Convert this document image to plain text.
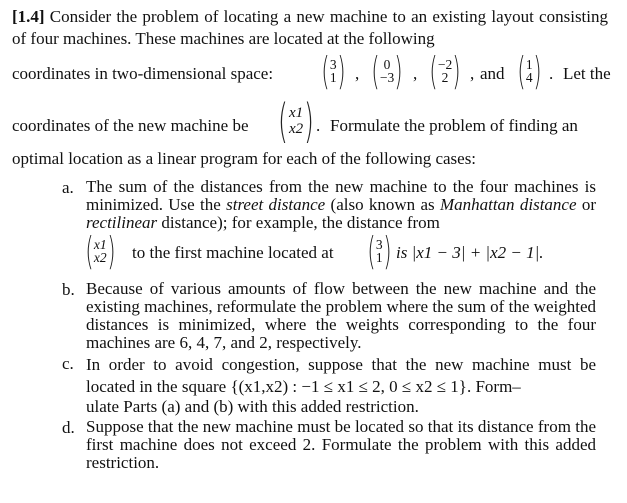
[1.4] Consider the problem of locating a new machine to an existing layout consisting of four machines. These machines are located at the following

coordinates in two-dimensional space: ( 3
1 ) , ( 0
−3 ) , ( −2
2 ) , and ( 1
4 ) . Let the
coordinates of the new machine be ( x1
x2 ) . Formulate the problem of finding an

optimal location as a linear program for each of the following cases:

a. The sum of the distances from the new machine to the four machines is minimized. Use the street distance (also known as Manhattan distance or rectilinear distance); for example, the distance from
( x1
x2 ) to the first machine located at ( 3
1 ) is |x1 − 3| + |x2 − 1|.
b. Because of various amounts of flow between the new machine and the existing machines, reformulate the problem where the sum of the weighted distances is minimized, where the weights corresponding to the four machines are 6, 4, 7, and 2, respectively.
c. In order to avoid congestion, suppose that the new machine must be located in the square {(x1,x2) : −1 ≤ x1 ≤ 2, 0 ≤ x2 ≤ 1}. Form–
ulate Parts (a) and (b) with this added restriction.
d. Suppose that the new machine must be located so that its distance from the first machine does not exceed 2. Formulate the problem with this added restriction.
